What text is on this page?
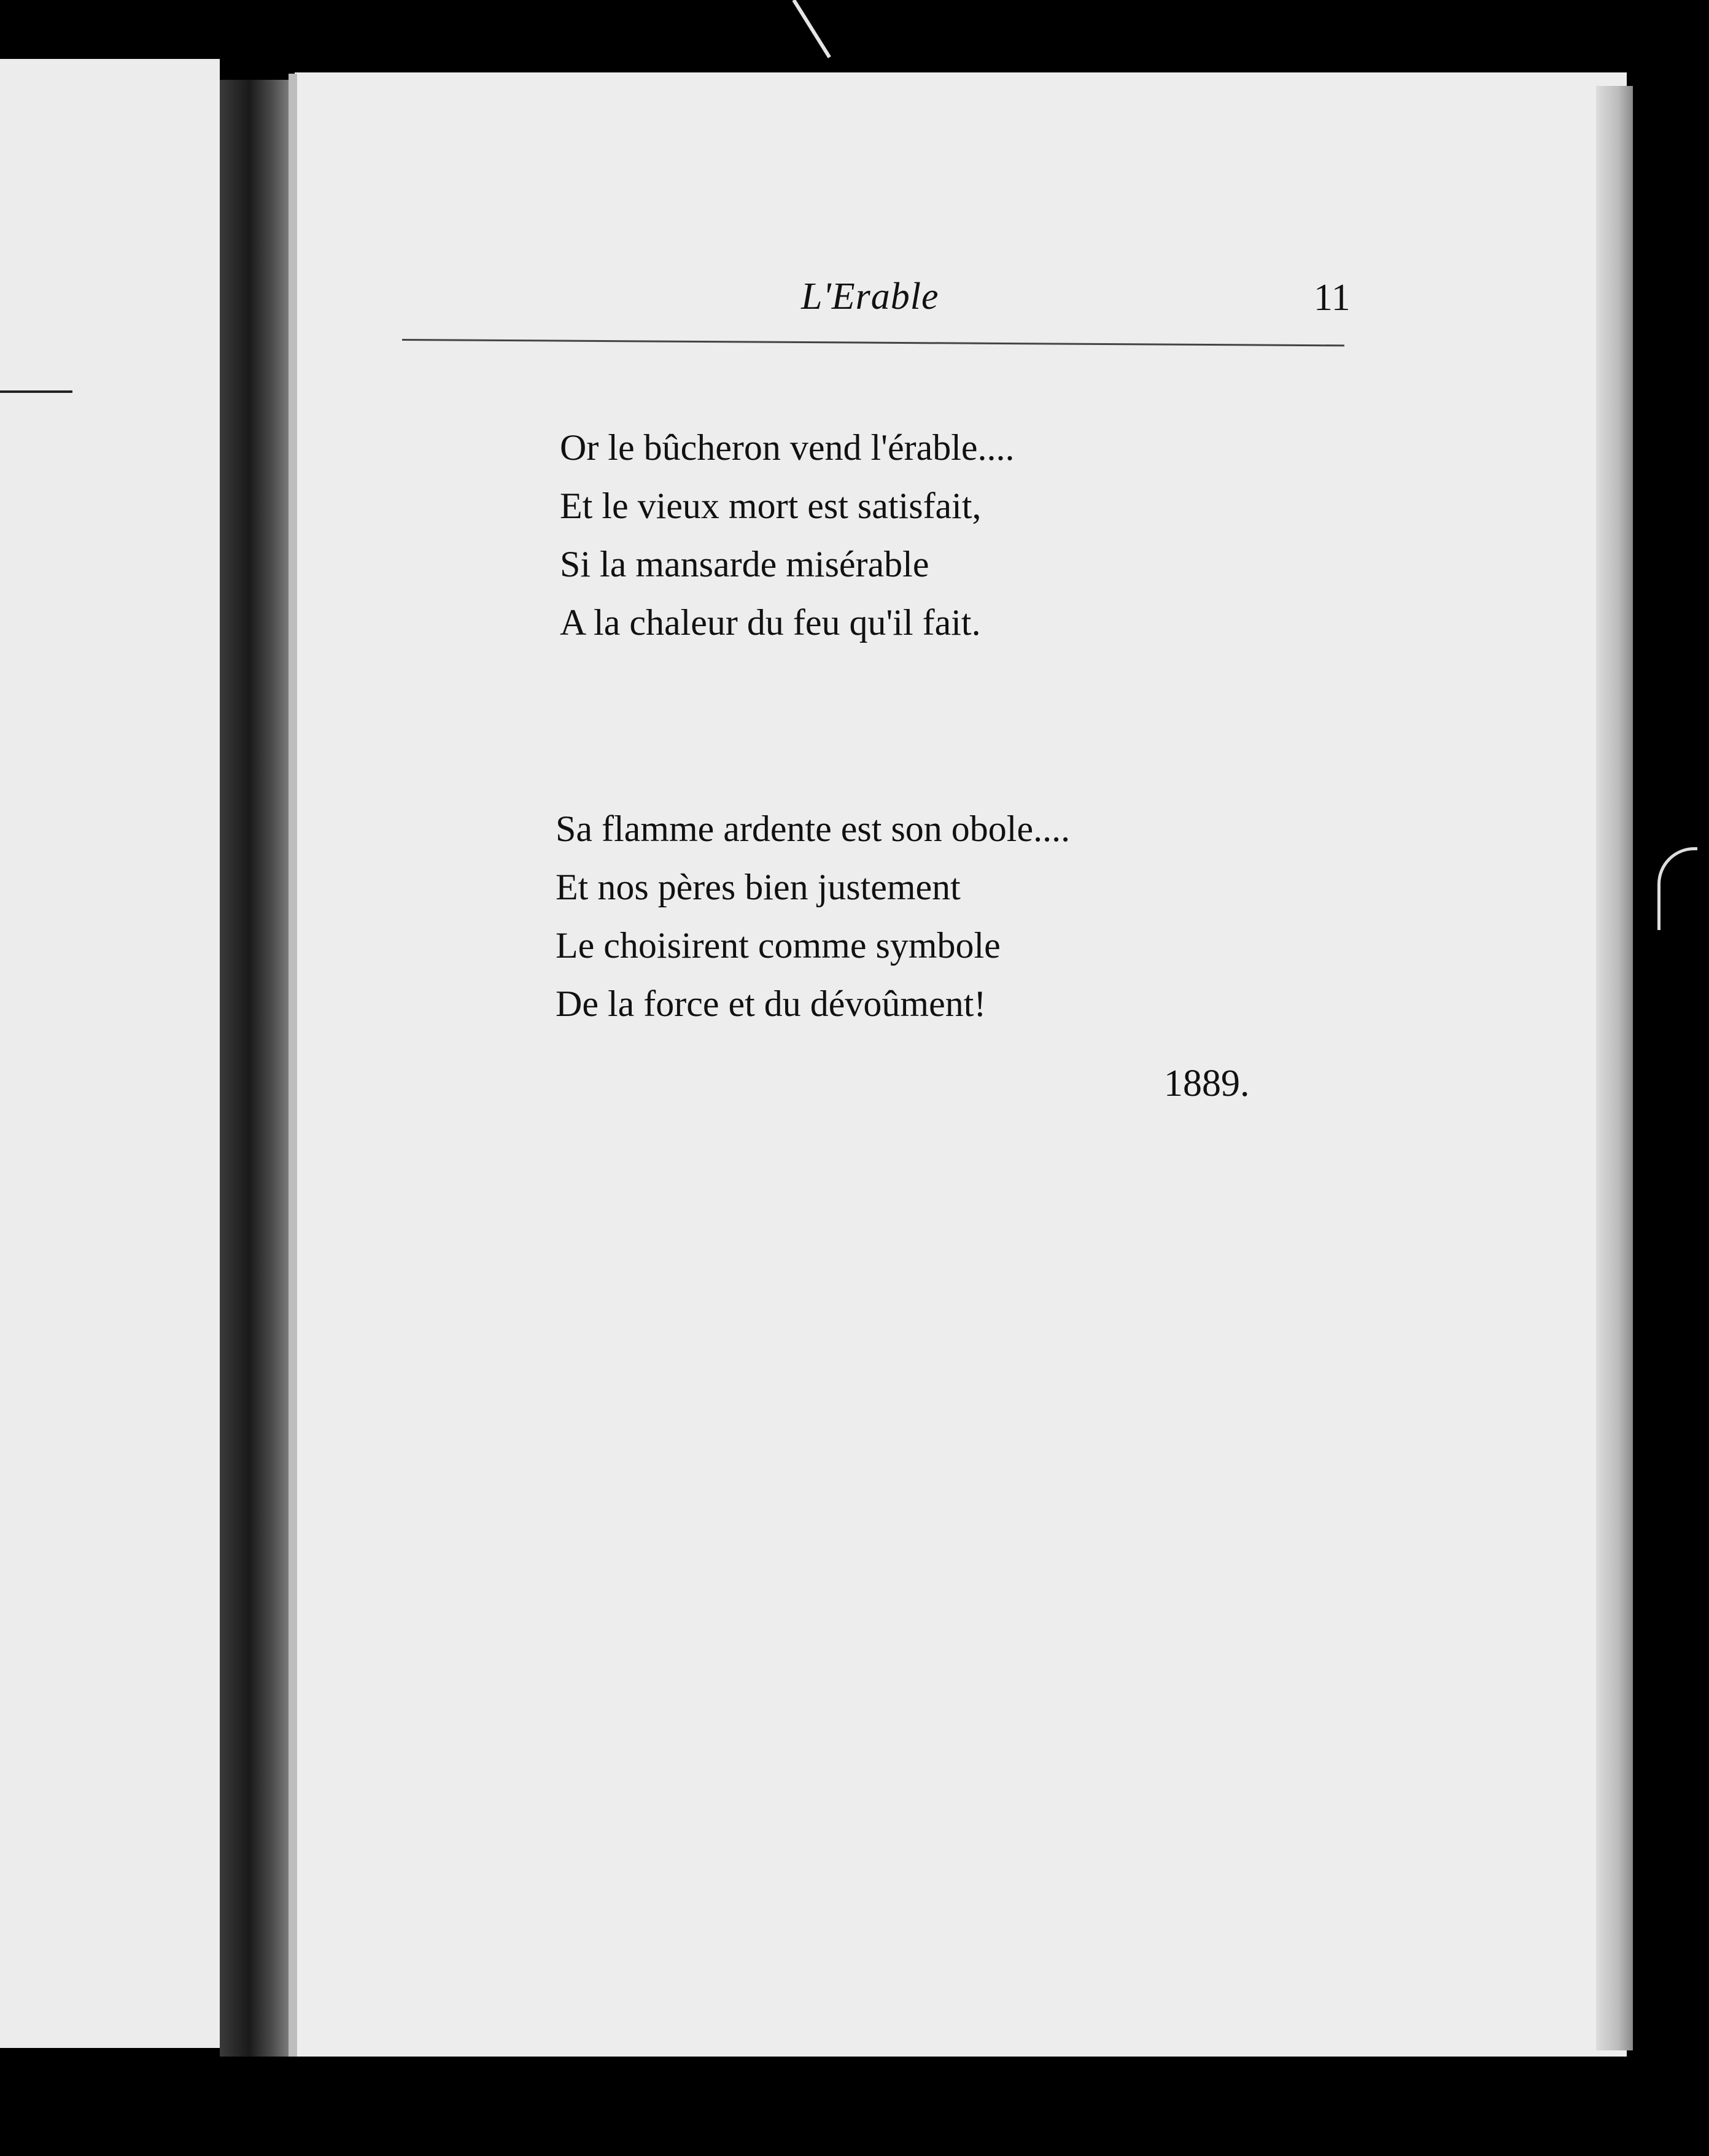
L'Erable	11
Or le bûcheron vend l'érable....
Et le vieux mort est satisfait,
Si la mansarde misérable
A la chaleur du feu qu'il fait.
Sa flamme ardente est son obole....
Et nos pères bien justement
Le choisirent comme symbole
De la force et du dévoûment!
1889.
